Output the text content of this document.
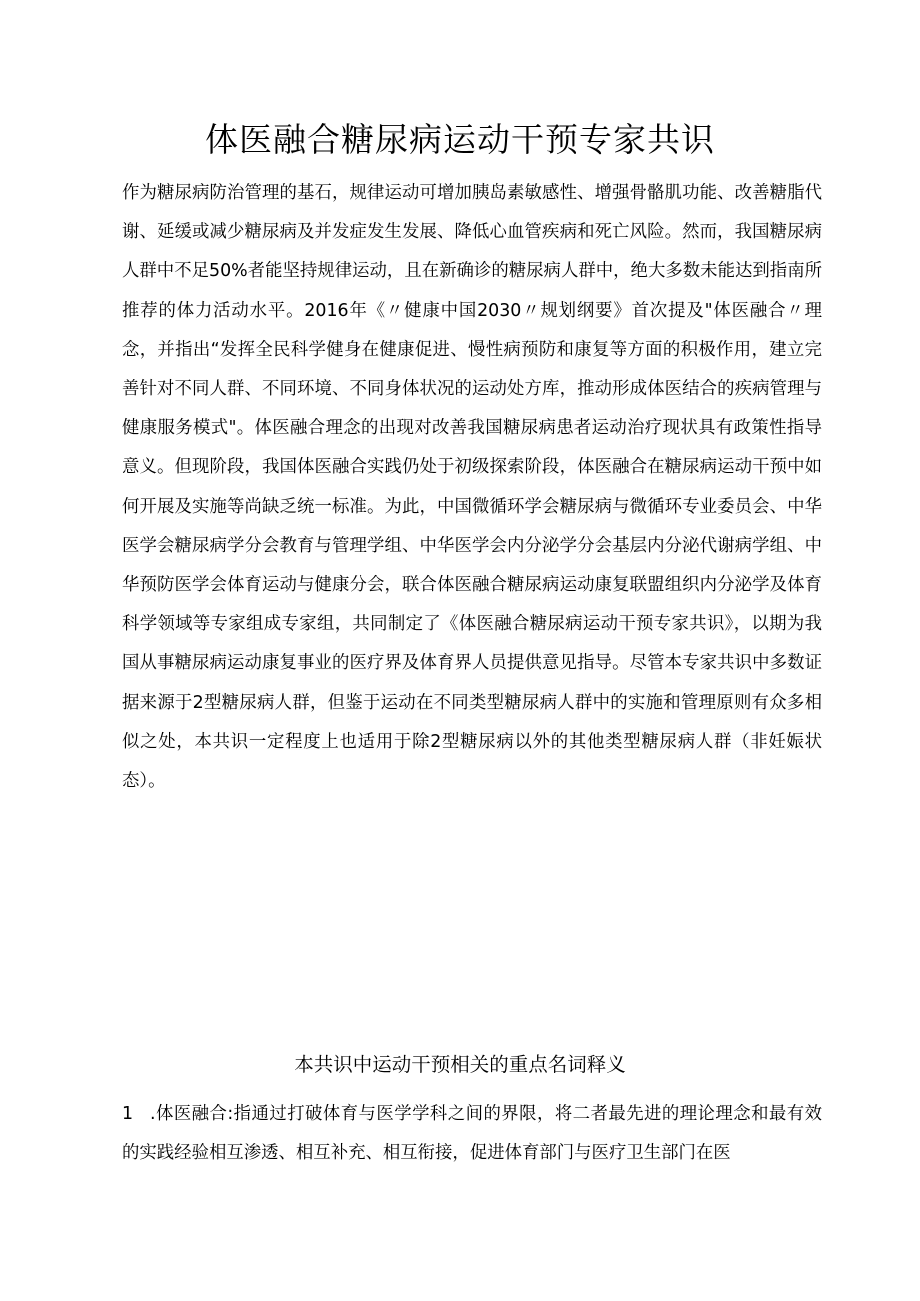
体医融合糖尿病运动干预专家共识

作为糖尿病防治管理的基石，规律运动可增加胰岛素敏感性、增强骨骼肌功能、改善糖脂代谢、延缓或减少糖尿病及并发症发生发展、降低心血管疾病和死亡风险。然而，我国糖尿病人群中不足50%者能坚持规律运动，且在新确诊的糖尿病人群中，绝大多数未能达到指南所推荐的体力活动水平。2016年《〃健康中国2030〃规划纲要》首次提及"体医融合〃理念，并指出“发挥全民科学健身在健康促进、慢性病预防和康复等方面的积极作用，建立完善针对不同人群、不同环境、不同身体状况的运动处方库，推动形成体医结合的疾病管理与健康服务模式"。体医融合理念的出现对改善我国糖尿病患者运动治疗现状具有政策性指导意义。但现阶段，我国体医融合实践仍处于初级探索阶段，体医融合在糖尿病运动干预中如何开展及实施等尚缺乏统一标准。为此，中国微循环学会糖尿病与微循环专业委员会、中华医学会糖尿病学分会教育与管理学组、中华医学会内分泌学分会基层内分泌代谢病学组、中华预防医学会体育运动与健康分会，联合体医融合糖尿病运动康复联盟组织内分泌学及体育科学领域等专家组成专家组，共同制定了《体医融合糖尿病运动干预专家共识》，以期为我国从事糖尿病运动康复事业的医疗界及体育界人员提供意见指导。尽管本专家共识中多数证据来源于2型糖尿病人群，但鉴于运动在不同类型糖尿病人群中的实施和管理原则有众多相似之处，本共识一定程度上也适用于除2型糖尿病以外的其他类型糖尿病人群（非妊娠状态）。

本共识中运动干预相关的重点名词释义

1 .体医融合:指通过打破体育与医学学科之间的界限，将二者最先进的理论理念和最有效的实践经验相互渗透、相互补充、相互衔接，促进体育部门与医疗卫生部门在医
